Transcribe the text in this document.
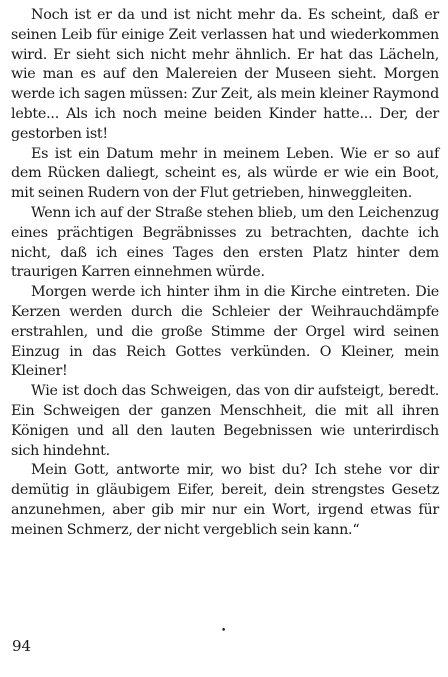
Noch ist er da und ist nicht mehr da. Es scheint, daß er seinen Leib für einige Zeit verlassen hat und wiederkommen wird. Er sieht sich nicht mehr ähnlich. Er hat das Lächeln, wie man es auf den Malereien der Museen sieht. Morgen werde ich sagen müssen: Zur Zeit, als mein kleiner Raymond lebte... Als ich noch meine beiden Kinder hatte... Der, der gestorben ist!

Es ist ein Datum mehr in meinem Leben. Wie er so auf dem Rücken daliegt, scheint es, als würde er wie ein Boot, mit seinen Rudern von der Flut getrieben, hinweggleiten.

Wenn ich auf der Straße stehen blieb, um den Leichenzug eines prächtigen Begräbnisses zu betrachten, dachte ich nicht, daß ich eines Tages den ersten Platz hinter dem traurigen Karren einnehmen würde.

Morgen werde ich hinter ihm in die Kirche eintreten. Die Kerzen werden durch die Schleier der Weihrauchdämpfe erstrahlen, und die große Stimme der Orgel wird seinen Einzug in das Reich Gottes verkünden. O Kleiner, mein Kleiner!

Wie ist doch das Schweigen, das von dir aufsteigt, beredt. Ein Schweigen der ganzen Menschheit, die mit all ihren Königen und all den lauten Begebnissen wie unterirdisch sich hindehnt.

Mein Gott, antworte mir, wo bist du? Ich stehe vor dir demütig in gläubigem Eifer, bereit, dein strengstes Gesetz anzunehmen, aber gib mir nur ein Wort, irgend etwas für meinen Schmerz, der nicht vergeblich sein kann.“

•
94
